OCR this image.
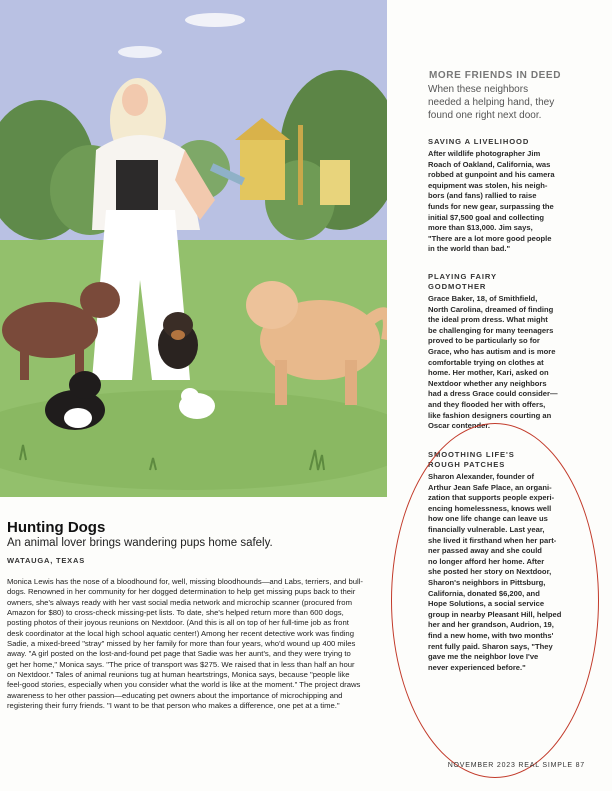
Hunting Dogs
An animal lover brings wandering pups home safely.
WATAUGA, TEXAS

Monica Lewis has the nose of a bloodhound for, well, missing bloodhounds—and Labs, terriers, and bull-
dogs. Renowned in her community for her dogged determination to help get missing pups back to their
owners, she's always ready with her vast social media network and microchip scanner (procured from
Amazon for $80) to cross-check missing-pet lists. To date, she's helped return more than 600 dogs,
posting photos of their joyous reunions on Nextdoor. (And this is all on top of her full-time job as front
desk coordinator at the local high school aquatic center!) Among her recent detective work was finding
Sadie, a mixed-breed "stray" missed by her family for more than four years, who'd wound up 400 miles
away. "A girl posted on the lost-and-found pet page that Sadie was her aunt's, and they were trying to
get her home," Monica says. "The price of transport was $275. We raised that in less than half an hour
on Nextdoor." Tales of animal reunions tug at human heartstrings, Monica says, because "people like
feel-good stories, especially when you consider what the world is like at the moment." The project draws
awareness to her other passion—educating pet owners about the importance of microchipping and
registering their furry friends. "I want to be that person who makes a difference, one pet at a time."

MORE FRIENDS IN DEED

When these neighbors
needed a helping hand, they
found one right next door.

SAVING A LIVELIHOOD

After wildlife photographer Jim
Roach of Oakland, California, was
robbed at gunpoint and his camera
equipment was stolen, his neigh-
bors (and fans) rallied to raise
funds for new gear, surpassing the
initial $7,500 goal and collecting
more than $13,000. Jim says,
"There are a lot more good people
in the world than bad."

PLAYING FAIRY
GODMOTHER

Grace Baker, 18, of Smithfield,
North Carolina, dreamed of finding
the ideal prom dress. What might
be challenging for many teenagers
proved to be particularly so for
Grace, who has autism and is more
comfortable trying on clothes at
home. Her mother, Kari, asked on
Nextdoor whether any neighbors
had a dress Grace could consider—
and they flooded her with offers,
like fashion designers courting an
Oscar contender.

SMOOTHING LIFE'S
ROUGH PATCHES

Sharon Alexander, founder of
Arthur Jean Safe Place, an organi-
zation that supports people experi-
encing homelessness, knows well
how one life change can leave us
financially vulnerable. Last year,
she lived it firsthand when her part-
ner passed away and she could
no longer afford her home. After
she posted her story on Nextdoor,
Sharon's neighbors in Pittsburg,
California, donated $6,200, and
Hope Solutions, a social service
group in nearby Pleasant Hill, helped
her and her grandson, Audrion, 19,
find a new home, with two months'
rent fully paid. Sharon says, "They
gave me the neighbor love I've
never experienced before."

NOVEMBER 2023 REAL SIMPLE 87
